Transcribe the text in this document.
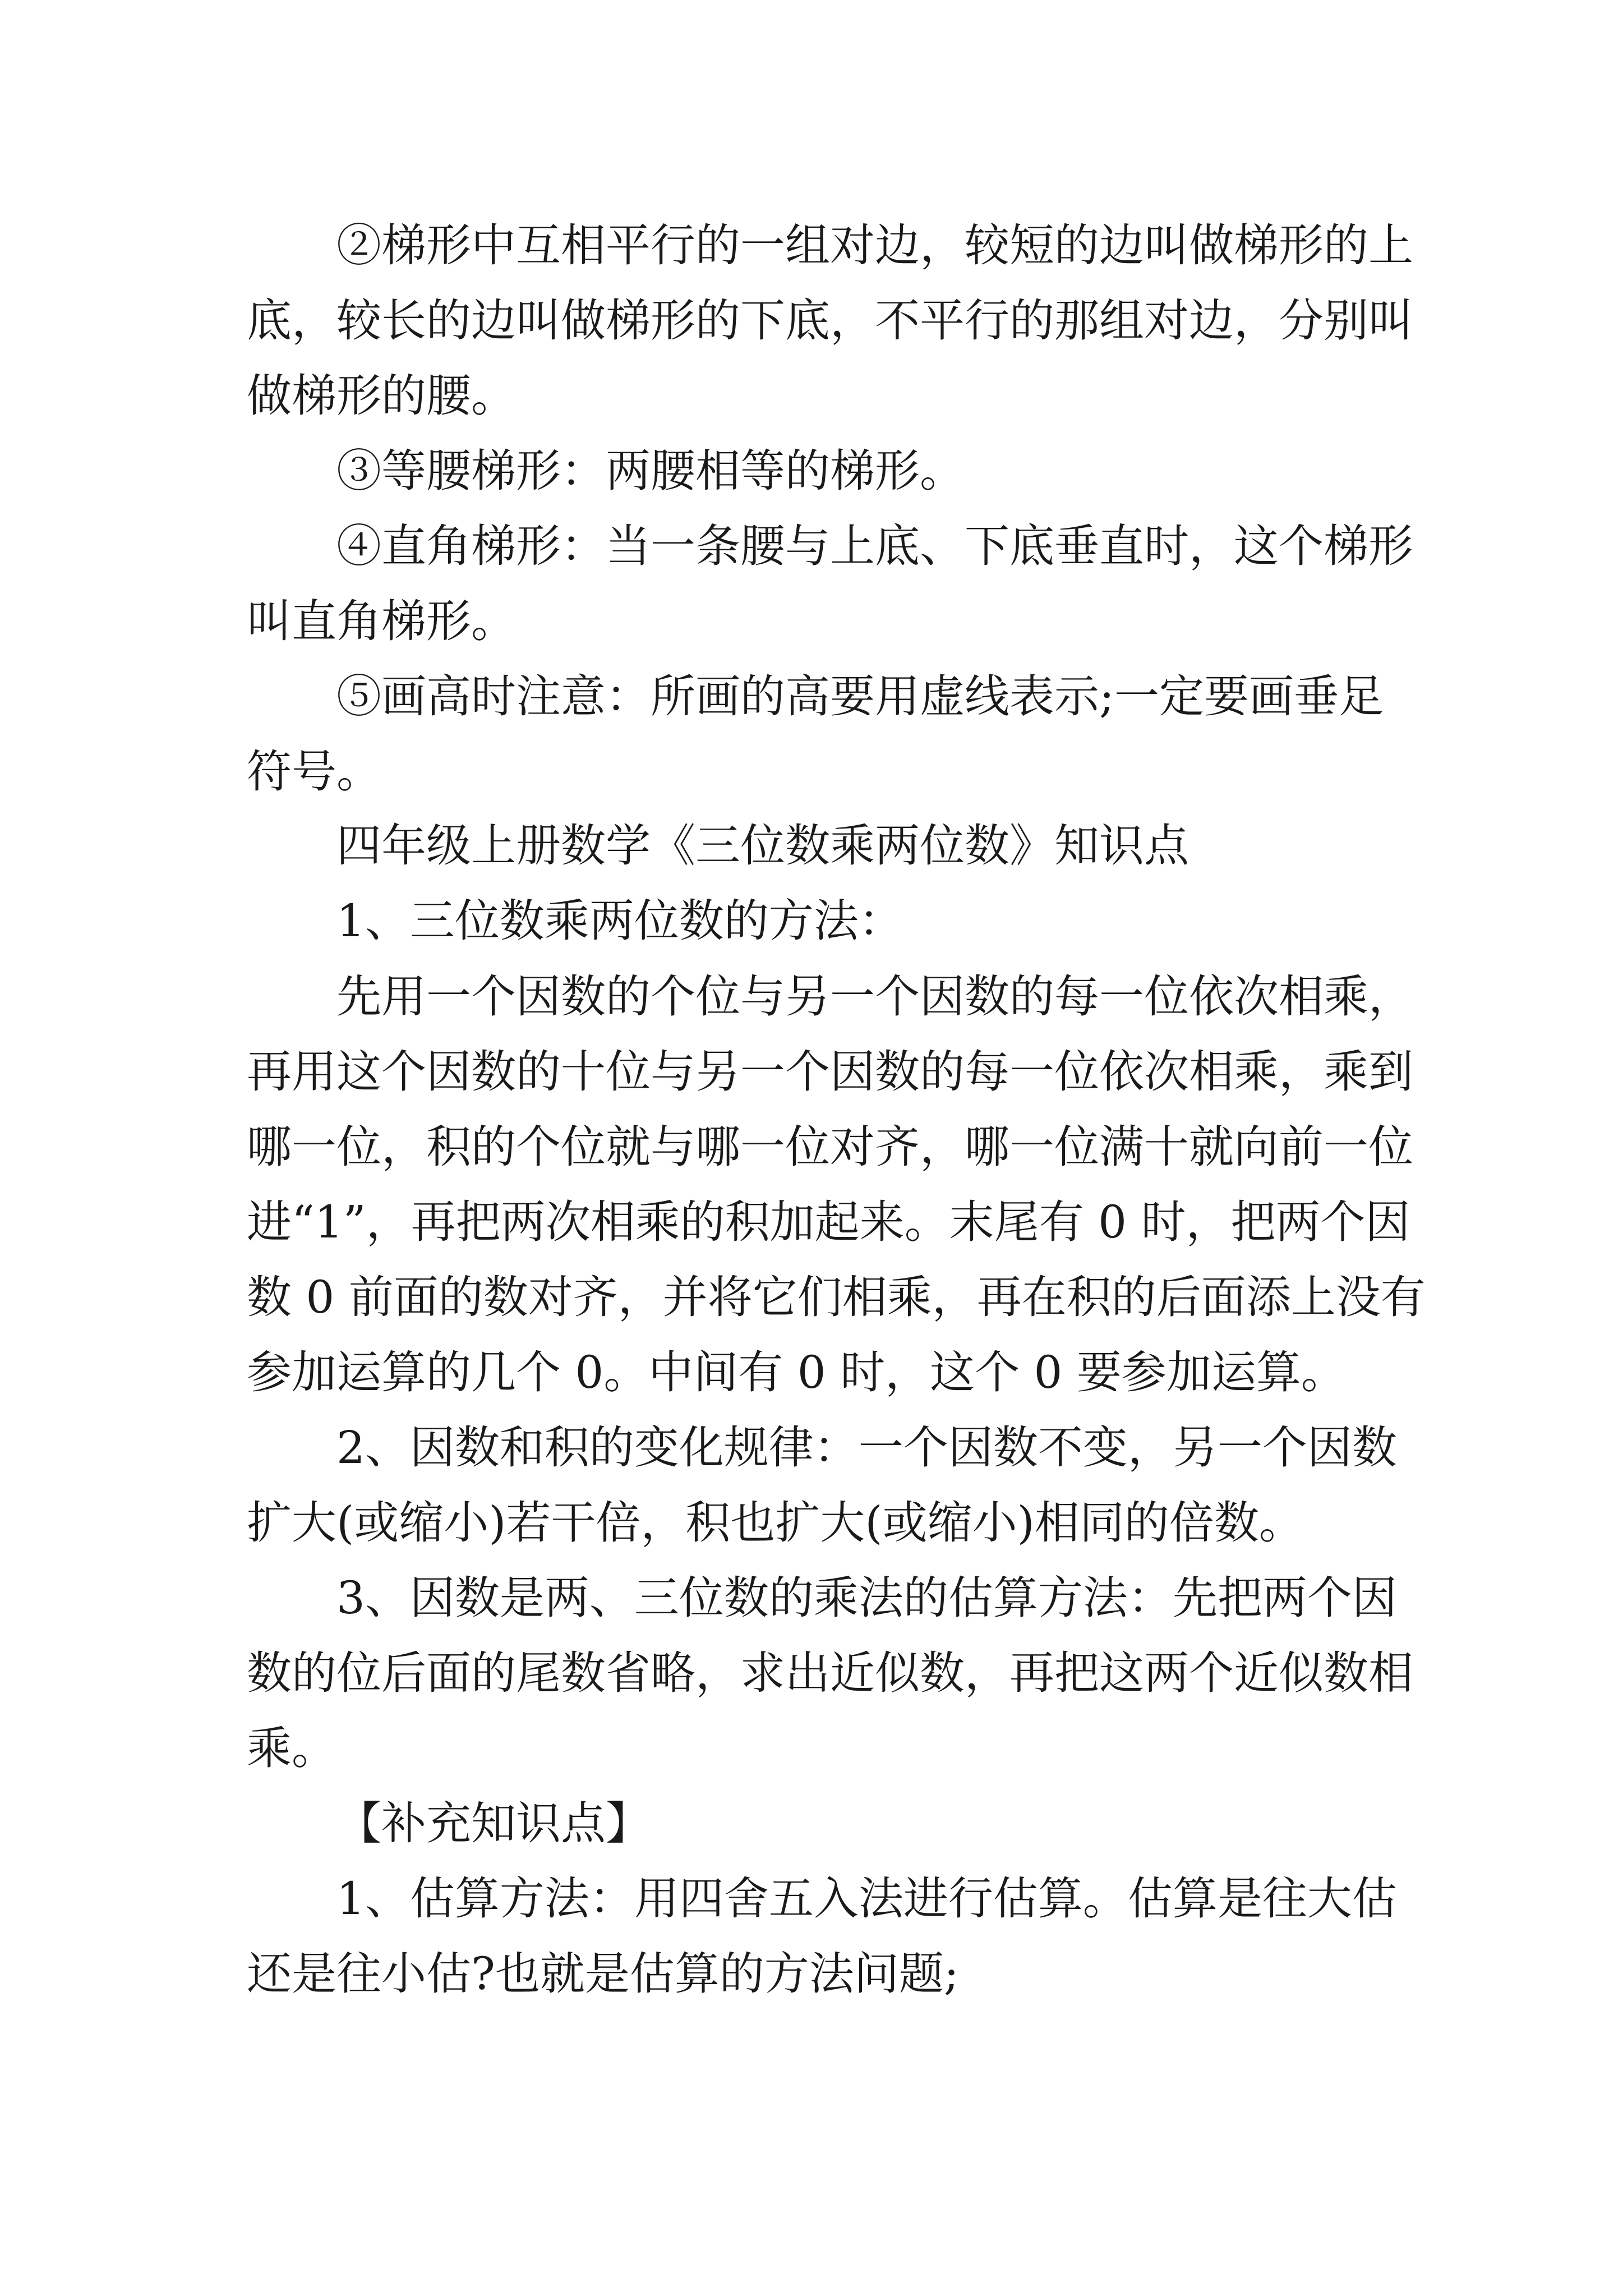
②梯形中互相平行的一组对边，较短的边叫做梯形的上

底，较长的边叫做梯形的下底，不平行的那组对边，分别叫

做梯形的腰。

③等腰梯形：两腰相等的梯形。

④直角梯形：当一条腰与上底、下底垂直时，这个梯形

叫直角梯形。

⑤画高时注意：所画的高要用虚线表示;一定要画垂足

符号。

四年级上册数学《三位数乘两位数》知识点

1、三位数乘两位数的方法：

先用一个因数的个位与另一个因数的每一位依次相乘，

再用这个因数的十位与另一个因数的每一位依次相乘，乘到

哪一位，积的个位就与哪一位对齐，哪一位满十就向前一位

进“1”，再把两次相乘的积加起来。末尾有 0 时，把两个因

数 0 前面的数对齐，并将它们相乘，再在积的后面添上没有

参加运算的几个 0。中间有 0 时，这个 0 要参加运算。

2、因数和积的变化规律：一个因数不变，另一个因数

扩大(或缩小)若干倍，积也扩大(或缩小)相同的倍数。

3、因数是两、三位数的乘法的估算方法：先把两个因

数的位后面的尾数省略，求出近似数，再把这两个近似数相

乘。

【补充知识点】

1、估算方法：用四舍五入法进行估算。估算是往大估

还是往小估?也就是估算的方法问题;
